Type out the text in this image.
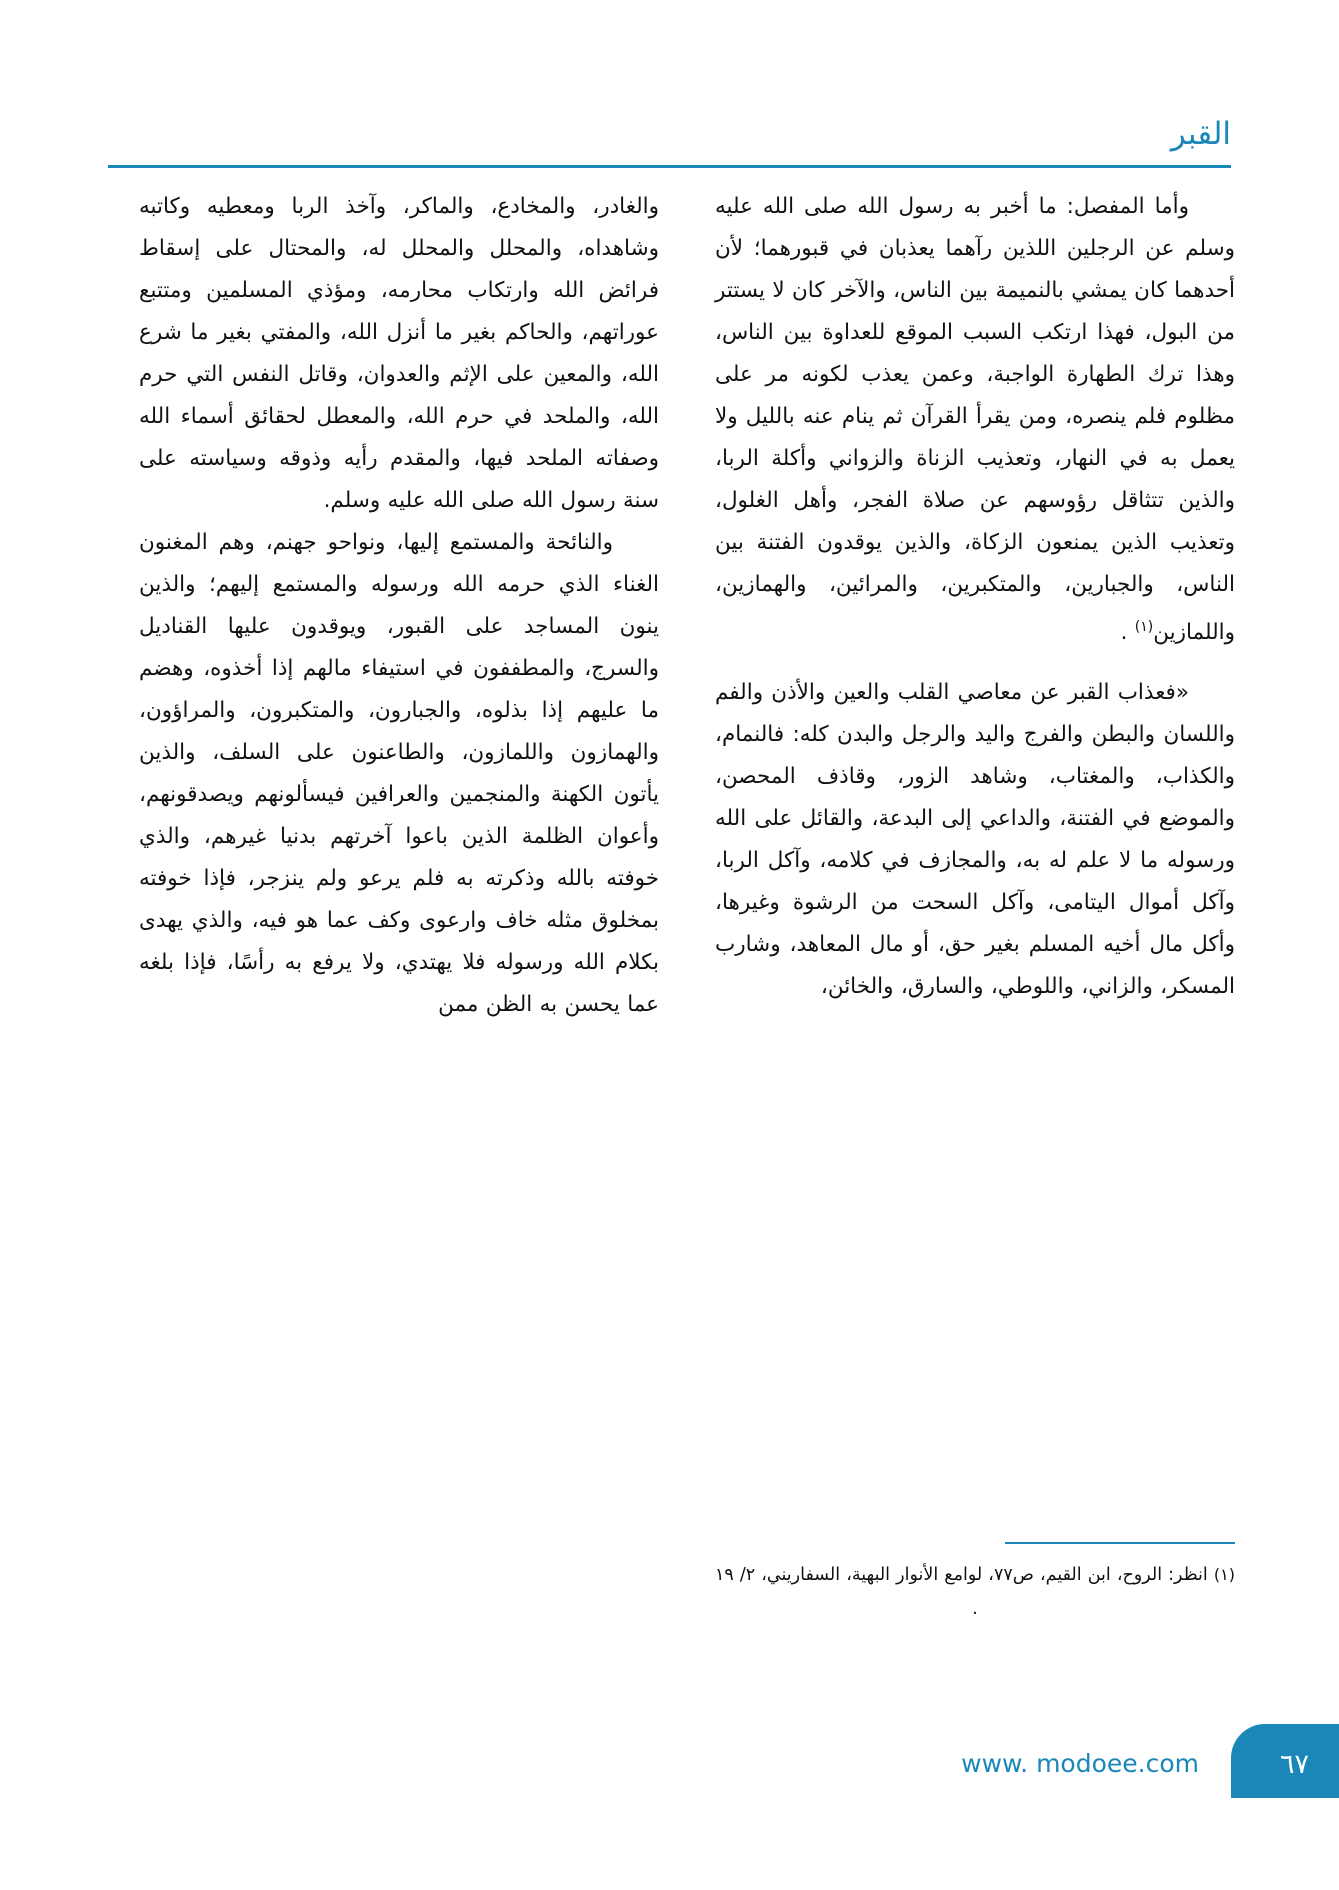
القبر

وأما المفصل: ما أخبر به رسول الله صلى الله عليه وسلم عن الرجلين اللذين رآهما يعذبان في قبورهما؛ لأن أحدهما كان يمشي بالنميمة بين الناس، والآخر كان لا يستتر من البول، فهذا ارتكب السبب الموقع للعداوة بين الناس، وهذا ترك الطهارة الواجبة، وعمن يعذب لكونه مر على مظلوم فلم ينصره، ومن يقرأ القرآن ثم ينام عنه بالليل ولا يعمل به في النهار، وتعذيب الزناة والزواني وأكلة الربا، والذين تتثاقل رؤوسهم عن صلاة الفجر، وأهل الغلول، وتعذيب الذين يمنعون الزكاة، والذين يوقدون الفتنة بين الناس، والجبارين، والمتكبرين، والمرائين، والهمازين، واللمازين$^{(١)}$ .

«فعذاب القبر عن معاصي القلب والعين والأذن والفم واللسان والبطن والفرج واليد والرجل والبدن كله: فالنمام، والكذاب، والمغتاب، وشاهد الزور، وقاذف المحصن، والموضع في الفتنة، والداعي إلى البدعة، والقائل على الله ورسوله ما لا علم له به، والمجازف في كلامه، وآكل الربا، وآكل أموال اليتامى، وآكل السحت من الرشوة وغيرها، وأكل مال أخيه المسلم بغير حق، أو مال المعاهد، وشارب المسكر، والزاني، واللوطي، والسارق، والخائن،

(١) انظر: الروح، ابن القيم، ص٧٧، لوامع الأنوار البهية، السفاريني، ٢/ ١٩ .

والغادر، والمخادع، والماكر، وآخذ الربا ومعطيه وكاتبه وشاهداه، والمحلل والمحلل له، والمحتال على إسقاط فرائض الله وارتكاب محارمه، ومؤذي المسلمين ومتتبع عوراتهم، والحاكم بغير ما أنزل الله، والمفتي بغير ما شرع الله، والمعين على الإثم والعدوان، وقاتل النفس التي حرم الله، والملحد في حرم الله، والمعطل لحقائق أسماء الله وصفاته الملحد فيها، والمقدم رأيه وذوقه وسياسته على سنة رسول الله صلى الله عليه وسلم.

والنائحة والمستمع إليها، ونواحو جهنم، وهم المغنون الغناء الذي حرمه الله ورسوله والمستمع إليهم؛ والذين ينون المساجد على القبور، ويوقدون عليها القناديل والسرج، والمطففون في استيفاء مالهم إذا أخذوه، وهضم ما عليهم إذا بذلوه، والجبارون، والمتكبرون، والمراؤون، والهمازون واللمازون، والطاعنون على السلف، والذين يأتون الكهنة والمنجمين والعرافين فيسألونهم ويصدقونهم، وأعوان الظلمة الذين باعوا آخرتهم بدنيا غيرهم، والذي خوفته بالله وذكرته به فلم يرعو ولم ينزجر، فإذا خوفته بمخلوق مثله خاف وارعوى وكف عما هو فيه، والذي يهدى بكلام الله ورسوله فلا يهتدي، ولا يرفع به رأسًا، فإذا بلغه عما يحسن به الظن ممن

٦٧
www. modoee.com
